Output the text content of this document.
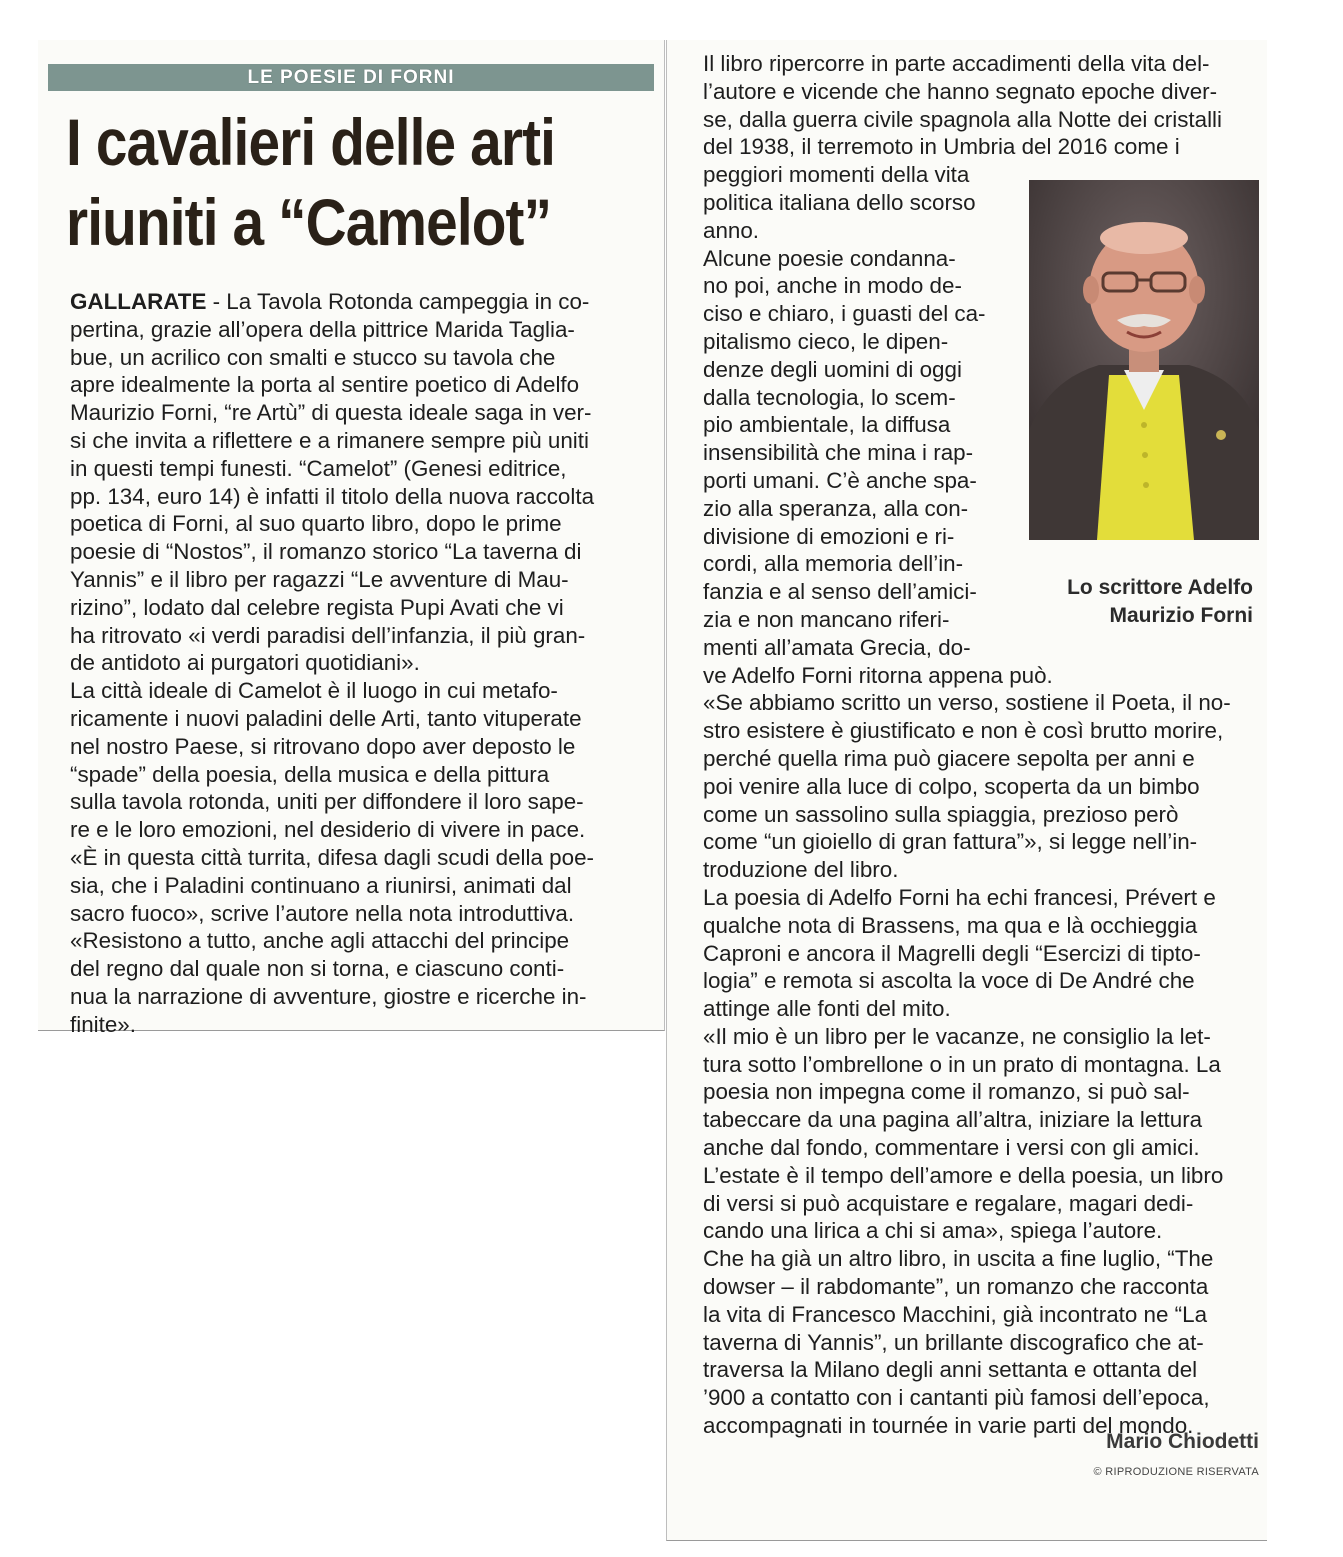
LE POESIE DI FORNI
I cavalieri delle arti
riuniti a “Camelot”
GALLARATE - La Tavola Rotonda campeggia in co-
pertina, grazie all’opera della pittrice Marida Taglia-
bue, un acrilico con smalti e stucco su tavola che
apre idealmente la porta al sentire poetico di Adelfo
Maurizio Forni, “re Artù” di questa ideale saga in ver-
si che invita a riflettere e a rimanere sempre più uniti
in questi tempi funesti. “Camelot” (Genesi editrice,
pp. 134, euro 14) è infatti il titolo della nuova raccolta
poetica di Forni, al suo quarto libro, dopo le prime
poesie di “Nostos”, il romanzo storico “La taverna di
Yannis” e il libro per ragazzi “Le avventure di Mau-
rizino”, lodato dal celebre regista Pupi Avati che vi
ha ritrovato «i verdi paradisi dell’infanzia, il più gran-
de antidoto ai purgatori quotidiani».
La città ideale di Camelot è il luogo in cui metafo-
ricamente i nuovi paladini delle Arti, tanto vituperate
nel nostro Paese, si ritrovano dopo aver deposto le
“spade” della poesia, della musica e della pittura
sulla tavola rotonda, uniti per diffondere il loro sape-
re e le loro emozioni, nel desiderio di vivere in pace.
«È in questa città turrita, difesa dagli scudi della poe-
sia, che i Paladini continuano a riunirsi, animati dal
sacro fuoco», scrive l’autore nella nota introduttiva.
«Resistono a tutto, anche agli attacchi del principe
del regno dal quale non si torna, e ciascuno conti-
nua la narrazione di avventure, giostre e ricerche in-
finite».
Il libro ripercorre in parte accadimenti della vita del-
l’autore e vicende che hanno segnato epoche diver-
se, dalla guerra civile spagnola alla Notte dei cristalli
del 1938, il terremoto in Umbria del 2016 come i
peggiori momenti della vita
politica italiana dello scorso
anno.
Alcune poesie condanna-
no poi, anche in modo de-
ciso e chiaro, i guasti del ca-
pitalismo cieco, le dipen-
denze degli uomini di oggi
dalla tecnologia, lo scem-
pio ambientale, la diffusa
insensibilità che mina i rap-
porti umani. C’è anche spa-
zio alla speranza, alla con-
divisione di emozioni e ri-
cordi, alla memoria dell’in-
fanzia e al senso dell’amici-
zia e non mancano riferi-
menti all’amata Grecia, do-
ve Adelfo Forni ritorna appena può.
«Se abbiamo scritto un verso, sostiene il Poeta, il no-
stro esistere è giustificato e non è così brutto morire,
perché quella rima può giacere sepolta per anni e
poi venire alla luce di colpo, scoperta da un bimbo
come un sassolino sulla spiaggia, prezioso però
come “un gioiello di gran fattura”», si legge nell’in-
troduzione del libro.
La poesia di Adelfo Forni ha echi francesi, Prévert e
qualche nota di Brassens, ma qua e là occhieggia
Caproni e ancora il Magrelli degli “Esercizi di tipto-
logia” e remota si ascolta la voce di De André che
attinge alle fonti del mito.
«Il mio è un libro per le vacanze, ne consiglio la let-
tura sotto l’ombrellone o in un prato di montagna. La
poesia non impegna come il romanzo, si può sal-
tabeccare da una pagina all’altra, iniziare la lettura
anche dal fondo, commentare i versi con gli amici.
L’estate è il tempo dell’amore e della poesia, un libro
di versi si può acquistare e regalare, magari dedi-
cando una lirica a chi si ama», spiega l’autore.
Che ha già un altro libro, in uscita a fine luglio, “The
dowser – il rabdomante”, un romanzo che racconta
la vita di Francesco Macchini, già incontrato ne “La
taverna di Yannis”, un brillante discografico che at-
traversa la Milano degli anni settanta e ottanta del
’900 a contatto con i cantanti più famosi dell’epoca,
accompagnati in tournée in varie parti del mondo.
Lo scrittore Adelfo
Maurizio Forni
Mario Chiodetti
© RIPRODUZIONE RISERVATA
